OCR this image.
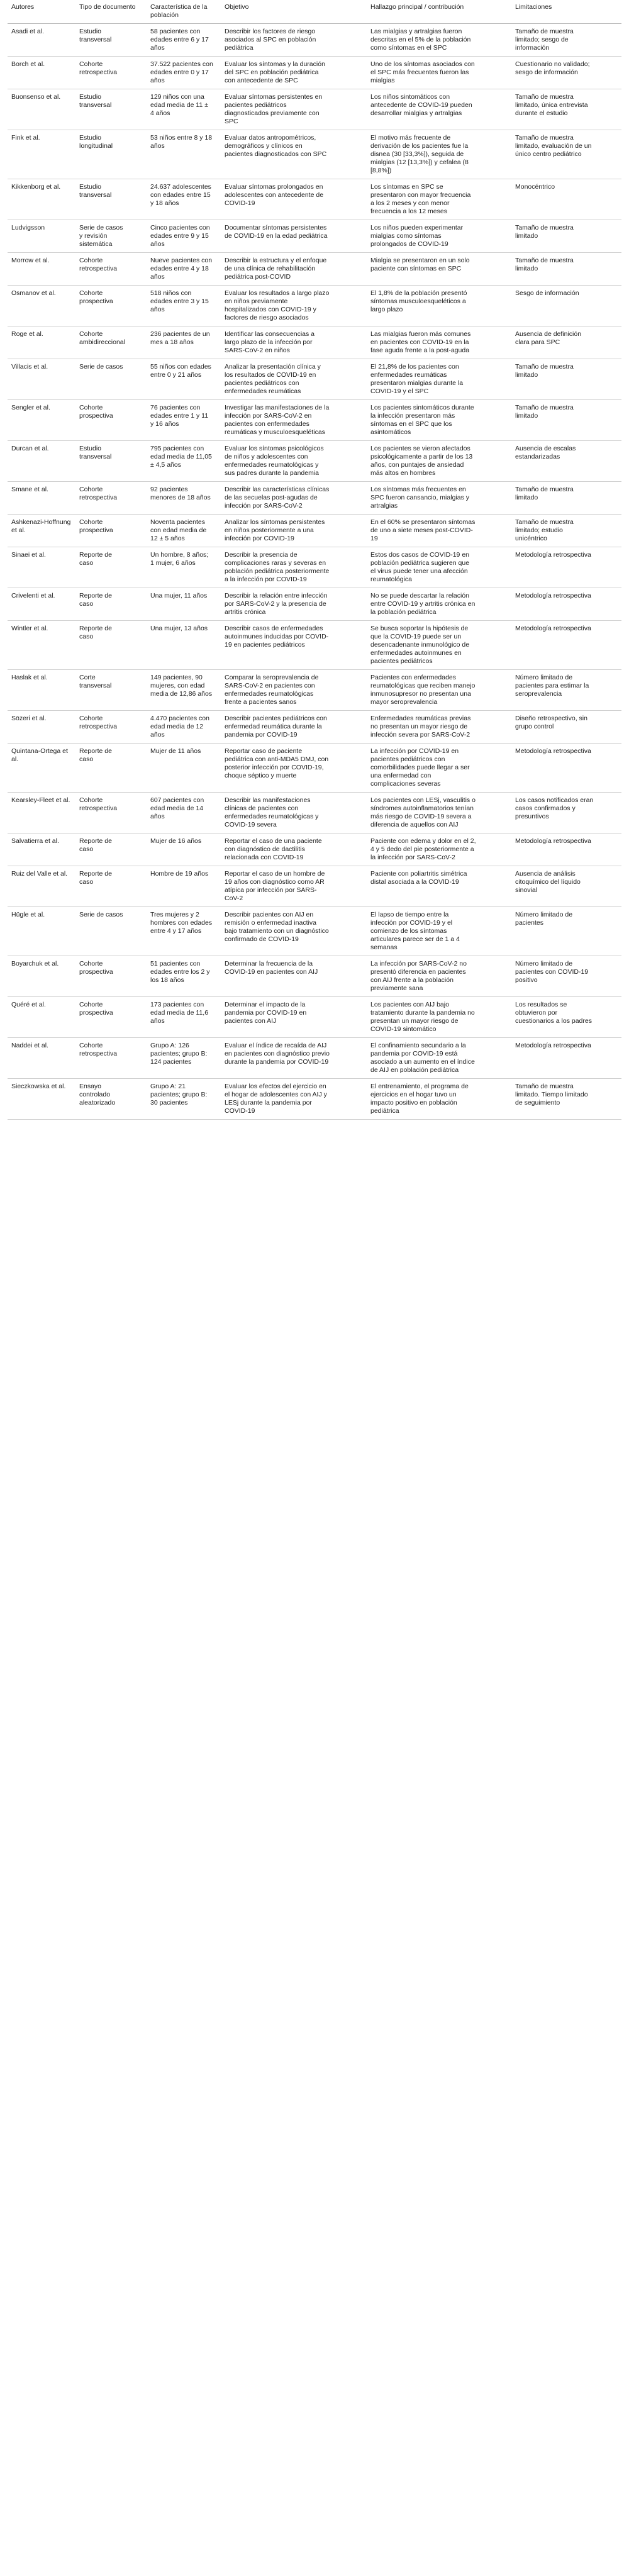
Autores	Tipo de documento	Característica de la población	Objetivo	Hallazgo principal / contribución	Limitaciones

Asadi et al.	Estudio transversal	58 pacientes con edades entre 6 y 17 años	Describir los factores de riesgo asociados al SPC en población pediátrica	Las mialgias y artralgias fueron descritas en el 5% de la población como síntomas en el SPC	Tamaño de muestra limitado; sesgo de información

Borch et al.	Cohorte retrospectiva	37.522 pacientes con edades entre 0 y 17 años	Evaluar los síntomas y la duración del SPC en población pediátrica con antecedente de SPC	Uno de los síntomas asociados con el SPC más frecuentes fueron las mialgias	Cuestionario no validado; sesgo de información

Buonsenso et al.	Estudio transversal	129 niños con una edad media de 11 ± 4 años	Evaluar síntomas persistentes en pacientes pediátricos diagnosticados previamente con SPC	Los niños sintomáticos con antecedente de COVID-19 pueden desarrollar mialgias y artralgias	Tamaño de muestra limitado, única entrevista durante el estudio

Fink et al.	Estudio longitudinal	53 niños entre 8 y 18 años	Evaluar datos antropométricos, demográficos y clínicos en pacientes diagnosticados con SPC	El motivo más frecuente de derivación de los pacientes fue la disnea (30 [33,3%]), seguida de mialgias (12 [13,3%]) y cefalea (8 [8,8%])	Tamaño de muestra limitado, evaluación de un único centro pediátrico

Kikkenborg et al.	Estudio transversal	24.637 adolescentes con edades entre 15 y 18 años	Evaluar síntomas prolongados en adolescentes con antecedente de COVID-19	Los síntomas en SPC se presentaron con mayor frecuencia a los 2 meses y con menor frecuencia a los 12 meses	Monocéntrico

Ludvigsson	Serie de casos y revisión sistemática	Cinco pacientes con edades entre 9 y 15 años	Documentar síntomas persistentes de COVID-19 en la edad pediátrica	Los niños pueden experimentar mialgias como síntomas prolongados de COVID-19	Tamaño de muestra limitado

Morrow et al.	Cohorte retrospectiva	Nueve pacientes con edades entre 4 y 18 años	Describir la estructura y el enfoque de una clínica de rehabilitación pediátrica post-COVID	Mialgia se presentaron en un solo paciente con síntomas en SPC	Tamaño de muestra limitado

Osmanov et al.	Cohorte prospectiva	518 niños con edades entre 3 y 15 años	Evaluar los resultados a largo plazo en niños previamente hospitalizados con COVID-19 y factores de riesgo asociados	El 1,8% de la población presentó síntomas musculoesqueléticos a largo plazo	Sesgo de información

Roge et al.	Cohorte ambidireccional	236 pacientes de un mes a 18 años	Identificar las consecuencias a largo plazo de la infección por SARS-CoV-2 en niños	Las mialgias fueron más comunes en pacientes con COVID-19 en la fase aguda frente a la post-aguda	Ausencia de definición clara para SPC

Villacis et al.	Serie de casos	55 niños con edades entre 0 y 21 años	Analizar la presentación clínica y los resultados de COVID-19 en pacientes pediátricos con enfermedades reumáticas	El 21,8% de los pacientes con enfermedades reumáticas presentaron mialgias durante la COVID-19 y el SPC	Tamaño de muestra limitado

Sengler et al.	Cohorte prospectiva	76 pacientes con edades entre 1 y 11 y 16 años	Investigar las manifestaciones de la infección por SARS-CoV-2 en pacientes con enfermedades reumáticas y musculoesqueléticas	Los pacientes sintomáticos durante la infección presentaron más síntomas en el SPC que los asintomáticos	Tamaño de muestra limitado

Durcan et al.	Estudio transversal	795 pacientes con edad media de 11,05 ± 4,5 años	Evaluar los síntomas psicológicos de niños y adolescentes con enfermedades reumatológicas y sus padres durante la pandemia	Los pacientes se vieron afectados psicológicamente a partir de los 13 años, con puntajes de ansiedad más altos en hombres	Ausencia de escalas estandarizadas

Smane et al.	Cohorte retrospectiva	92 pacientes menores de 18 años	Describir las características clínicas de las secuelas post-agudas de infección por SARS-CoV-2	Los síntomas más frecuentes en SPC fueron cansancio, mialgias y artralgias	Tamaño de muestra limitado

Ashkenazi-Hoffnung et al.	Cohorte prospectiva	Noventa pacientes con edad media de 12 ± 5 años	Analizar los síntomas persistentes en niños posteriormente a una infección por COVID-19	En el 60% se presentaron síntomas de uno a siete meses post-COVID-19	Tamaño de muestra limitado; estudio unicéntrico

Sinaei et al.	Reporte de caso	Un hombre, 8 años; 1 mujer, 6 años	Describir la presencia de complicaciones raras y severas en población pediátrica posteriormente a la infección por COVID-19	Estos dos casos de COVID-19 en población pediátrica sugieren que el virus puede tener una afección reumatológica	Metodología retrospectiva

Crivelenti et al.	Reporte de caso	Una mujer, 11 años	Describir la relación entre infección por SARS-CoV-2 y la presencia de artritis crónica	No se puede descartar la relación entre COVID-19 y artritis crónica en la población pediátrica	Metodología retrospectiva

Wintler et al.	Reporte de caso	Una mujer, 13 años	Describir casos de enfermedades autoinmunes inducidas por COVID-19 en pacientes pediátricos	Se busca soportar la hipótesis de que la COVID-19 puede ser un desencadenante inmunológico de enfermedades autoinmunes en pacientes pediátricos	Metodología retrospectiva

Haslak et al.	Corte transversal	149 pacientes, 90 mujeres, con edad media de 12,86 años	Comparar la seroprevalencia de SARS-CoV-2 en pacientes con enfermedades reumatológicas frente a pacientes sanos	Pacientes con enfermedades reumatológicas que reciben manejo inmunosupresor no presentan una mayor seroprevalencia	Número limitado de pacientes para estimar la seroprevalencia

Sözeri et al.	Cohorte retrospectiva	4.470 pacientes con edad media de 12 años	Describir pacientes pediátricos con enfermedad reumática durante la pandemia por COVID-19	Enfermedades reumáticas previas no presentan un mayor riesgo de infección severa por SARS-CoV-2	Diseño retrospectivo, sin grupo control

Quintana-Ortega et al.	Reporte de caso	Mujer de 11 años	Reportar caso de paciente pediátrica con anti-MDA5 DMJ, con posterior infección por COVID-19, choque séptico y muerte	La infección por COVID-19 en pacientes pediátricos con comorbilidades puede llegar a ser una enfermedad con complicaciones severas	Metodología retrospectiva

Kearsley-Fleet et al.	Cohorte retrospectiva	607 pacientes con edad media de 14 años	Describir las manifestaciones clínicas de pacientes con enfermedades reumatológicas y COVID-19 severa	Los pacientes con LESj, vasculitis o síndromes autoinflamatorios tenían más riesgo de COVID-19 severa a diferencia de aquellos con AIJ	Los casos notificados eran casos confirmados y presuntivos

Salvatierra et al.	Reporte de caso	Mujer de 16 años	Reportar el caso de una paciente con diagnóstico de dactilitis relacionada con COVID-19	Paciente con edema y dolor en el 2, 4 y 5 dedo del pie posteriormente a la infección por SARS-CoV-2	Metodología retrospectiva

Ruiz del Valle et al.	Reporte de caso	Hombre de 19 años	Reportar el caso de un hombre de 19 años con diagnóstico como AR atípica por infección por SARS-CoV-2	Paciente con poliartritis simétrica distal asociada a la COVID-19	Ausencia de análisis citoquímico del líquido sinovial

Hügle et al.	Serie de casos	Tres mujeres y 2 hombres con edades entre 4 y 17 años	Describir pacientes con AIJ en remisión o enfermedad inactiva bajo tratamiento con un diagnóstico confirmado de COVID-19	El lapso de tiempo entre la infección por COVID-19 y el comienzo de los síntomas articulares parece ser de 1 a 4 semanas	Número limitado de pacientes

Boyarchuk et al.	Cohorte prospectiva	51 pacientes con edades entre los 2 y los 18 años	Determinar la frecuencia de la COVID-19 en pacientes con AIJ	La infección por SARS-CoV-2 no presentó diferencia en pacientes con AIJ frente a la población previamente sana	Número limitado de pacientes con COVID-19 positivo

Quéré et al.	Cohorte prospectiva	173 pacientes con edad media de 11,6 años	Determinar el impacto de la pandemia por COVID-19 en pacientes con AIJ	Los pacientes con AIJ bajo tratamiento durante la pandemia no presentan un mayor riesgo de COVID-19 sintomático	Los resultados se obtuvieron por cuestionarios a los padres

Naddei et al.	Cohorte retrospectiva	Grupo A: 126 pacientes; grupo B: 124 pacientes	Evaluar el índice de recaída de AIJ en pacientes con diagnóstico previo durante la pandemia por COVID-19	El confinamiento secundario a la pandemia por COVID-19 está asociado a un aumento en el índice de AIJ en población pediátrica	Metodología retrospectiva

Sieczkowska et al.	Ensayo controlado aleatorizado	Grupo A: 21 pacientes; grupo B: 30 pacientes	Evaluar los efectos del ejercicio en el hogar de adolescentes con AIJ y LESj durante la pandemia por COVID-19	El entrenamiento, el programa de ejercicios en el hogar tuvo un impacto positivo en población pediátrica	Tamaño de muestra limitado. Tiempo limitado de seguimiento
